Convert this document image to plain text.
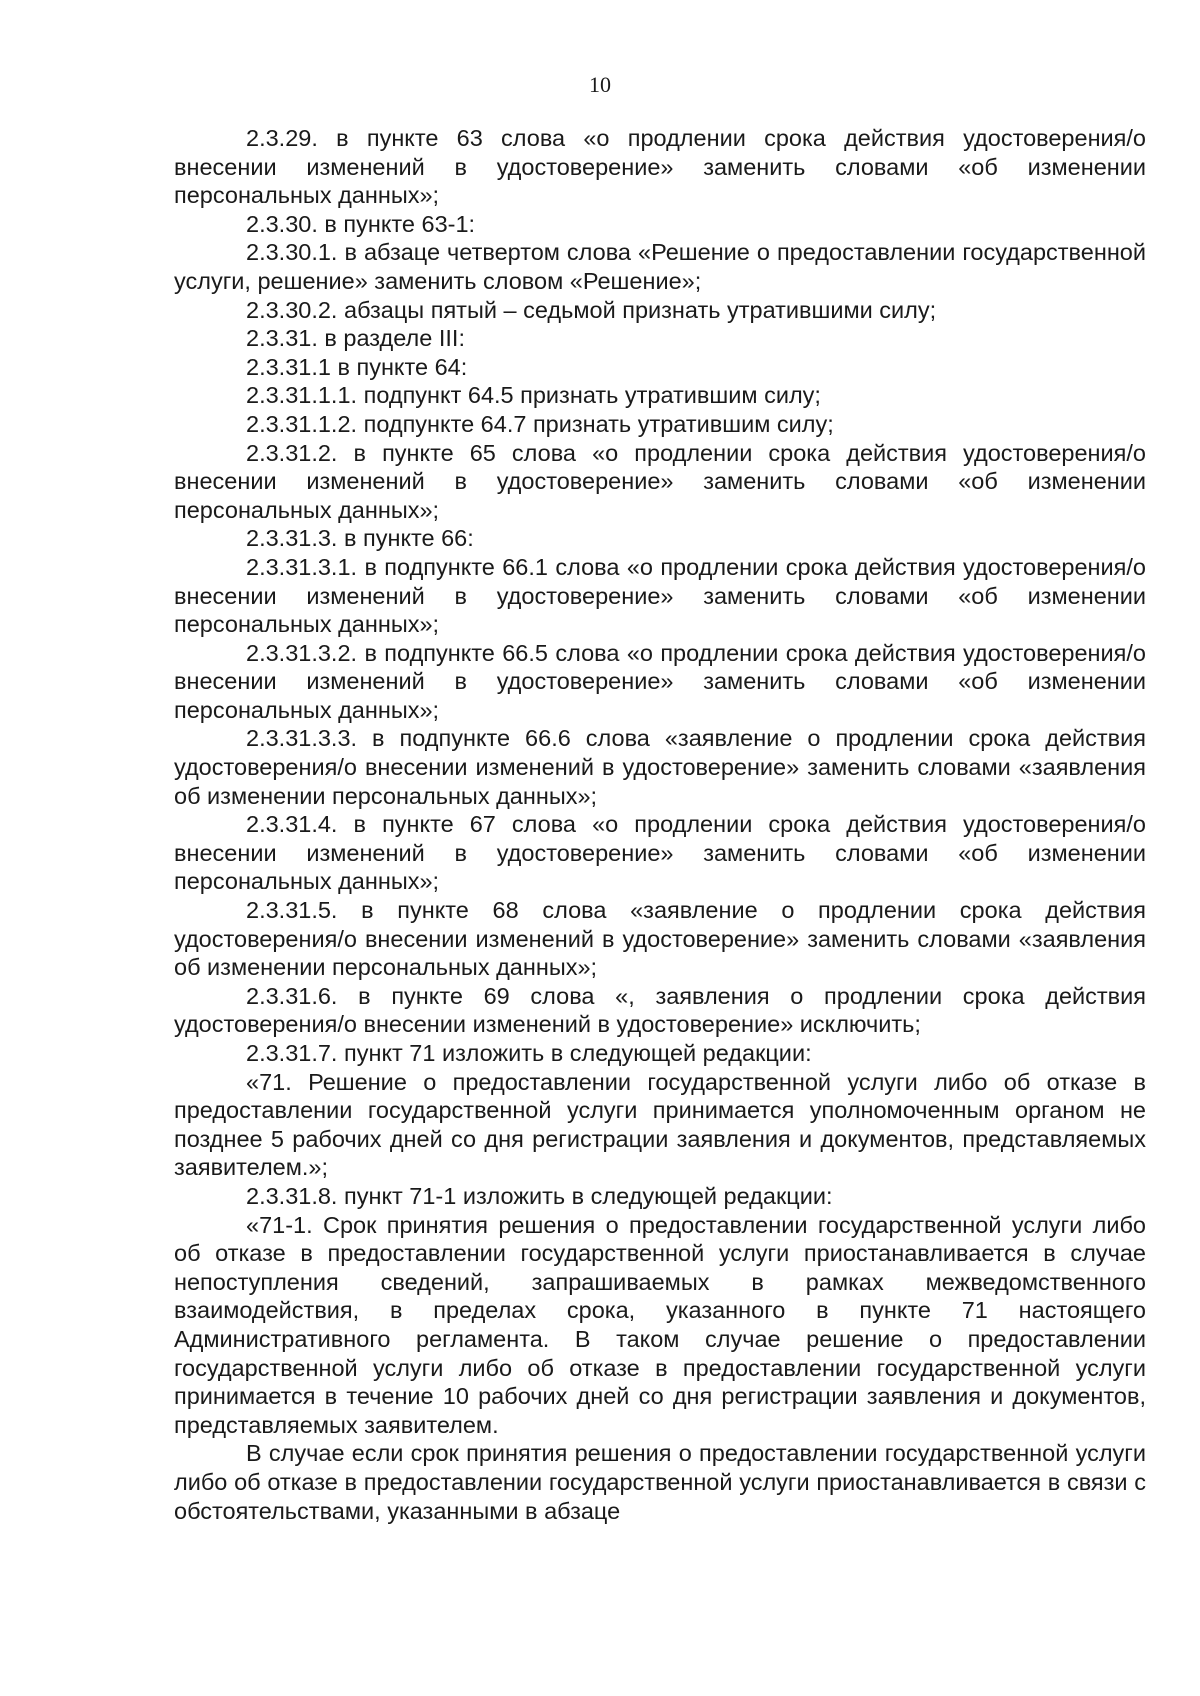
10

2.3.29. в пункте 63 слова «о продлении срока действия удостоверения/о внесении изменений в удостоверение» заменить словами «об изменении персональных данных»;

2.3.30. в пункте 63-1:

2.3.30.1. в абзаце четвертом слова «Решение о предоставлении государственной услуги, решение» заменить словом «Решение»;

2.3.30.2. абзацы пятый – седьмой признать утратившими силу;

2.3.31. в разделе III:

2.3.31.1 в пункте 64:

2.3.31.1.1. подпункт 64.5 признать утратившим силу;

2.3.31.1.2. подпункте 64.7 признать утратившим силу;

2.3.31.2. в пункте 65 слова «о продлении срока действия удостоверения/о внесении изменений в удостоверение» заменить словами «об изменении персональных данных»;

2.3.31.3. в пункте 66:

2.3.31.3.1. в подпункте 66.1 слова «о продлении срока действия удостоверения/о внесении изменений в удостоверение» заменить словами «об изменении персональных данных»;

2.3.31.3.2. в подпункте 66.5 слова «о продлении срока действия удостоверения/о внесении изменений в удостоверение» заменить словами «об изменении персональных данных»;

2.3.31.3.3. в подпункте 66.6 слова «заявление о продлении срока действия удостоверения/о внесении изменений в удостоверение» заменить словами «заявления об изменении персональных данных»;

2.3.31.4. в пункте 67 слова «о продлении срока действия удостоверения/о внесении изменений в удостоверение» заменить словами «об изменении персональных данных»;

2.3.31.5. в пункте 68 слова «заявление о продлении срока действия удостоверения/о внесении изменений в удостоверение» заменить словами «заявления об изменении персональных данных»;

2.3.31.6. в пункте 69 слова «, заявления о продлении срока действия удостоверения/о внесении изменений в удостоверение» исключить;

2.3.31.7. пункт 71 изложить в следующей редакции:

«71. Решение о предоставлении государственной услуги либо об отказе в предоставлении государственной услуги принимается уполномоченным органом не позднее 5 рабочих дней со дня регистрации заявления и документов, представляемых заявителем.»;

2.3.31.8. пункт 71-1 изложить в следующей редакции:

«71-1. Срок принятия решения о предоставлении государственной услуги либо об отказе в предоставлении государственной услуги приостанавливается в случае непоступления сведений, запрашиваемых в рамках межведомственного взаимодействия, в пределах срока, указанного в пункте 71 настоящего Административного регламента. В таком случае решение о предоставлении государственной услуги либо об отказе в предоставлении государственной услуги принимается в течение 10 рабочих дней со дня регистрации заявления и документов, представляемых заявителем.

В случае если срок принятия решения о предоставлении государственной услуги либо об отказе в предоставлении государственной услуги приостанавливается в связи с обстоятельствами, указанными в абзаце
